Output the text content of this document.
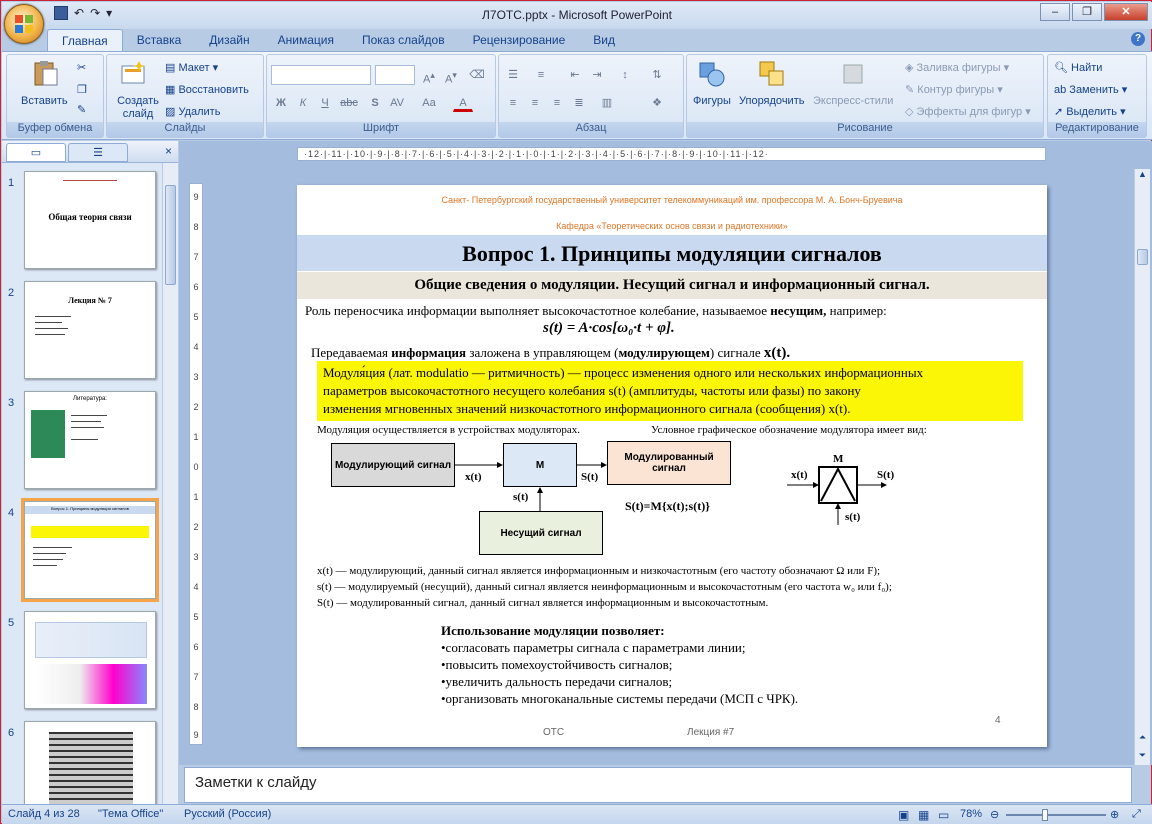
Л7ОТС.pptx - Microsoft PowerPoint
↶ ↷ ▾	–	❐	✕
Главная	Вставка	Дизайн	Анимация	Показ слайдов	Рецензирование	Вид	?
Вставить
✂
❐
✎
Буфер обмена
Создать слайд
▤ Макет ▾
▦ Восстановить
▨ Удалить
Слайды
A▴ A▾	⌫
Ж	К	Ч	abc	S	AV Aa	A
Шрифт
☰	≡	⇤	⇥	↕	⇅
≡	≡	≡	≣	▥	❖
Абзац
Фигуры Упорядочить Экспресс-стили
◈ Заливка фигуры ▾
✎ Контур фигуры ▾
◇ Эффекты для фигур ▾
Рисование
🔍︎ Найти
ab Заменить ▾
➚ Выделить ▾
Редактирование
▭	☰	×
1	▬▬▬▬▬▬▬▬▬▬▬▬▬▬▬▬▬▬
Общая теория связи
2
Лекция № 7
▬▬▬▬▬▬▬▬▬▬▬▬
▬▬▬▬▬▬▬▬▬
▬▬▬▬▬▬▬▬▬▬▬
▬▬▬▬▬▬▬▬▬▬
3	Литература:
▬▬▬▬▬▬▬▬▬▬▬▬
▬▬▬▬▬▬▬▬▬▬
▬▬▬▬▬▬▬▬▬▬▬

▬▬▬▬▬▬▬▬▬
4	Вопрос 1. Принципы модуляции сигналов
▬▬▬▬▬▬▬▬▬▬▬▬▬
▬▬▬▬▬▬▬▬▬▬▬
▬▬▬▬▬▬▬▬▬▬
▬▬▬▬▬▬▬▬
5
6
·12·|·11·|·10·|·9·|·8·|·7·|·6·|·5·|·4·|·3·|·2·|·1·|·0·|·1·|·2·|·3·|·4·|·5·|·6·|·7·|·8·|·9·|·10·|·11·|·12·
9
8
7
6
5
4
3
2
1
0
1
2
3
4
5
6
7
8
9
Санкт- Петербургский государственный университет телекоммуникаций им. профессора М. А. Бонч-Бруевича
Кафедра «Теоретических основ связи и радиотехники»
Вопрос 1. Принципы модуляции сигналов
Общие сведения о модуляции. Несущий сигнал и информационный сигнал.
Роль переносчика информации выполняет высокочастотное колебание, называемое несущим, например:
s(t) = A·cos[ω₀·t + φ].
Передаваемая информация заложена в управляющем (модулирующем) сигнале x(t).
Модуля́ция (лат. modulatio — ритмичность) — процесс изменения одного или нескольких информационных
параметров высокочастотного несущего колебания s(t) (амплитуды, частоты или фазы) по закону
изменения мгновенных значений низкочастотного информационного сигнала (сообщения) x(t).
Модуляция осуществляется в устройствах модуляторах.	Условное графическое обозначение модулятора имеет вид:
Модулирующий сигнал	M
Модулированный сигнал
Несущий сигнал
x(t)
s(t)
S(t)
S(t)=M{x(t);s(t)}
M
x(t)	S(t)
s(t)
x(t) — модулирующий, данный сигнал является информационным и низкочастотным (его частоту обозначают Ω или F);
s(t) — модулируемый (несущий), данный сигнал является неинформационным и высокочастотным (его частота w₀ или f₀);
S(t) — модулированный сигнал, данный сигнал является информационным и высокочастотным.
Использование модуляции позволяет:
•согласовать параметры сигнала с параметрами линии;
•повысить помехоустойчивость сигналов;
•увеличить дальность передачи сигналов;
•организовать многоканальные системы передачи (МСП с ЧРК).
ОТС	Лекция #7
4
▲
⏶
⏷
Заметки к слайду
Слайд 4 из 28 "Тема Office" Русский (Россия)	▣ ▦ ▭ 78% ⊖	⊕ ⤢
